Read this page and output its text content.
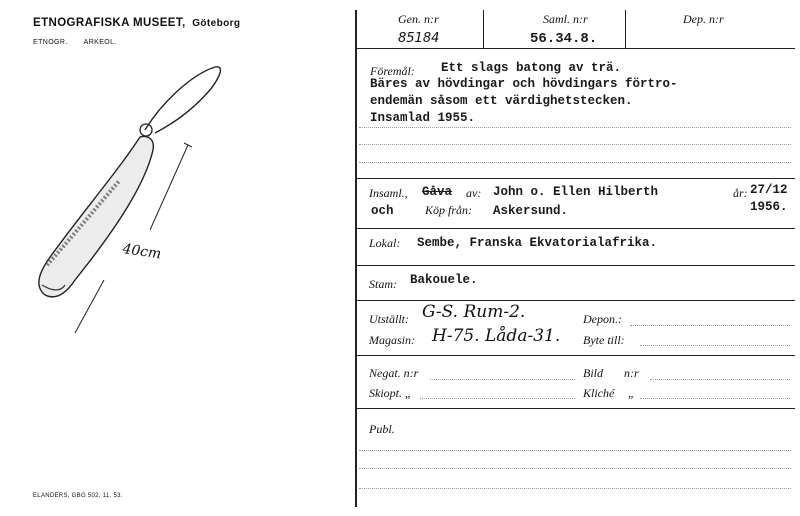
ETNOGRAFISKA MUSEET, Göteborg
ETNOGR. ARKEOL.
40cm
ELANDERS, GBG 502, 11. 53.
Gen. n:r
85184
Saml. n:r
56.34.8.
Dep. n:r
Föremål: Ett slags batong av trä.
Bäres av hövdingar och hövdingars förtro-
endemän såsom ett värdighetstecken.
Insamlad 1955.
Insaml., Gåva av: John o. Ellen Hilberth	år: 27/12
1956.
och	Köp från: Askersund.
Lokal: Sembe, Franska Ekvatorialafrika.
Stam: Bakouele.
Utställt: G-S. Rum-2.	Depon.:
Magasin: H-75. Låda-31. Byte till:
Negat. n:r	Bild n:r
Skiopt. „	Kliché „
Publ.
